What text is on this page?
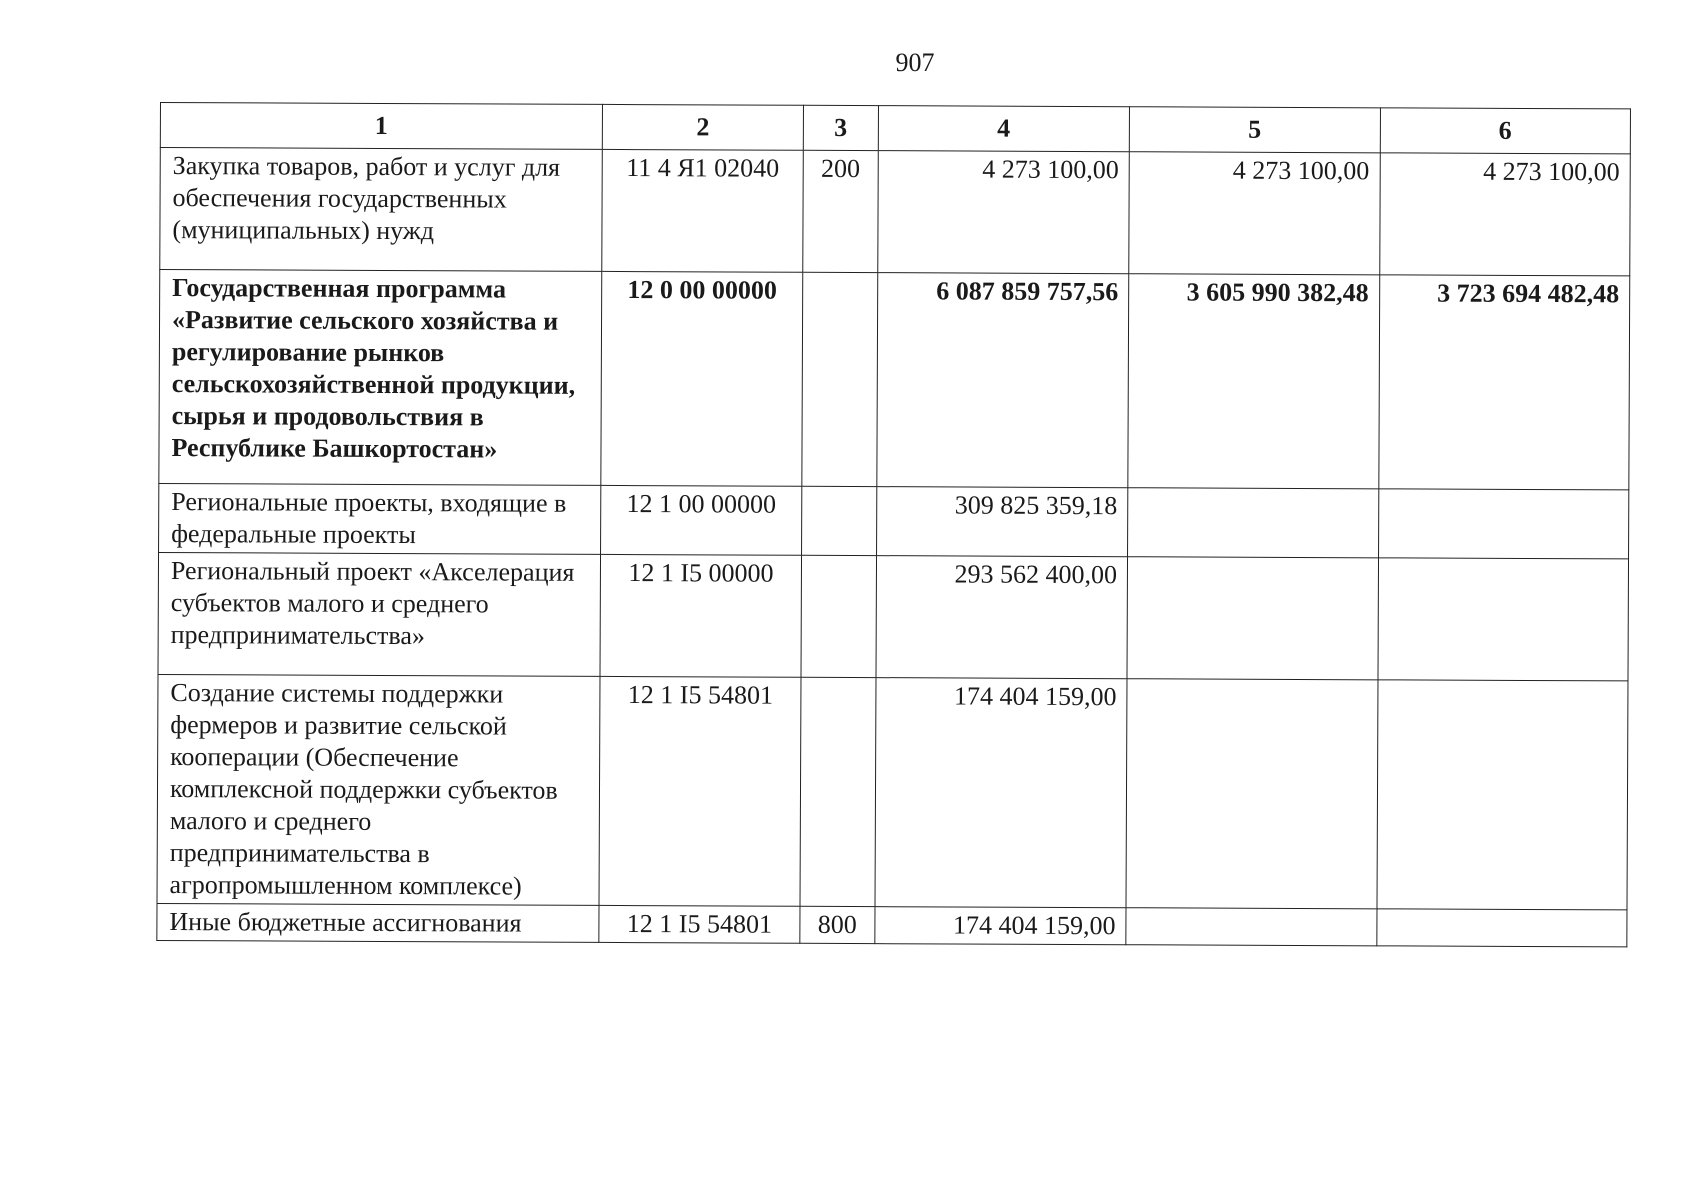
907
1	2	3	4	5	6
Закупка товаров, работ и услуг для обеспечения государственных (муниципальных) нужд	11 4 Я1 02040	200	4 273 100,00	4 273 100,00	4 273 100,00
Государственная программа «Развитие сельского хозяйства и регулирование рынков сельскохозяйственной продукции, сырья и продовольствия в Республике Башкортостан»	12 0 00 00000		6 087 859 757,56	3 605 990 382,48	3 723 694 482,48
Региональные проекты, входящие в федеральные проекты	12 1 00 00000		309 825 359,18		
Региональный проект «Акселерация субъектов малого и среднего предпринимательства»	12 1 I5 00000		293 562 400,00		
Создание системы поддержки фермеров и развитие сельской кооперации (Обеспечение комплексной поддержки субъектов малого и среднего предпринимательства в агропромышленном комплексе)	12 1 I5 54801		174 404 159,00		
Иные бюджетные ассигнования	12 1 I5 54801	800	174 404 159,00		
